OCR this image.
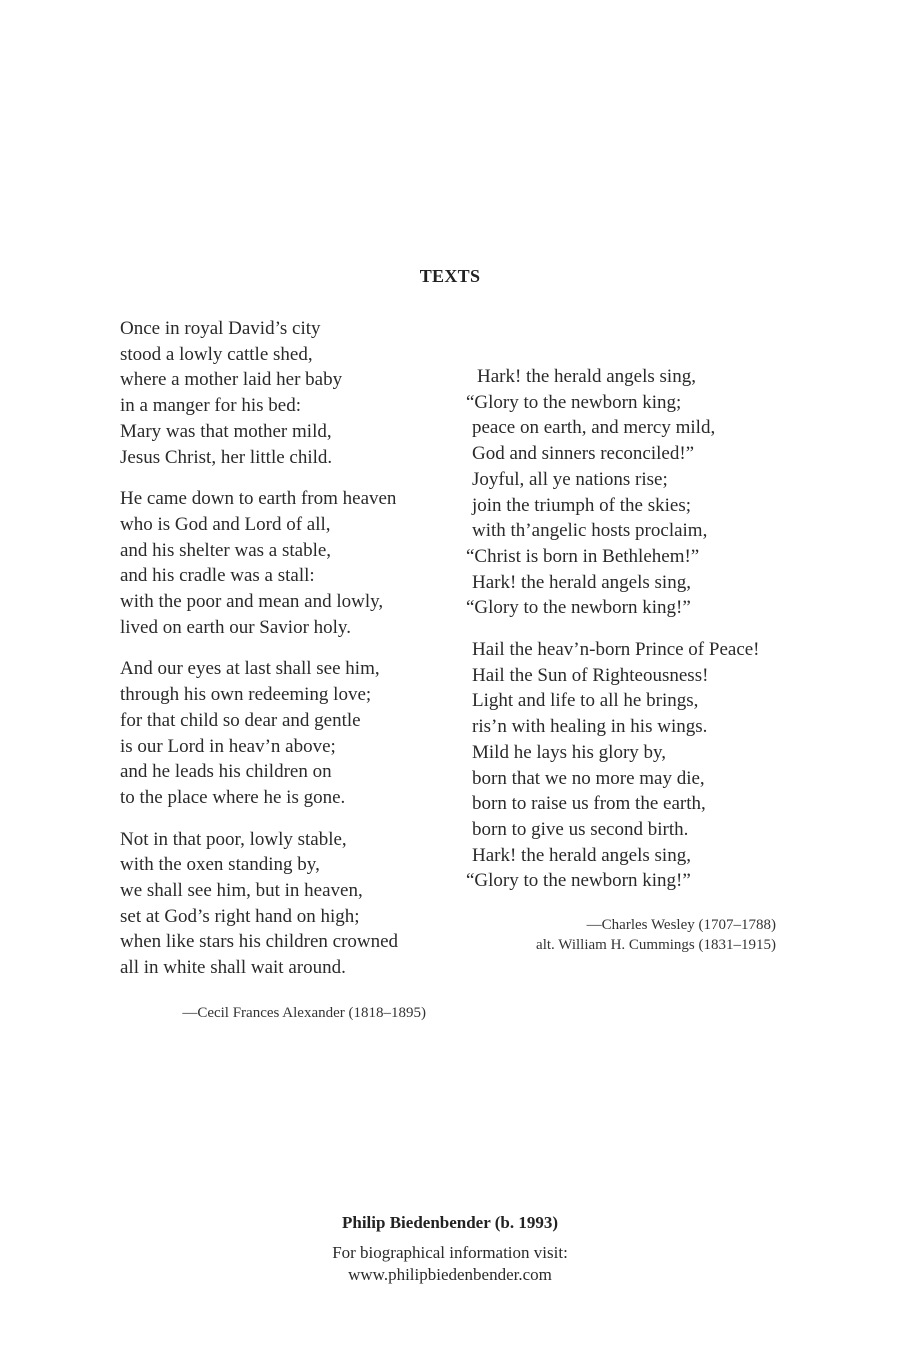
TEXTS
Once in royal David’s city
stood a lowly cattle shed,
where a mother laid her baby
in a manger for his bed:
Mary was that mother mild,
Jesus Christ, her little child.
He came down to earth from heaven
who is God and Lord of all,
and his shelter was a stable,
and his cradle was a stall:
with the poor and mean and lowly,
lived on earth our Savior holy.
And our eyes at last shall see him,
through his own redeeming love;
for that child so dear and gentle
is our Lord in heav’n above;
and he leads his children on
to the place where he is gone.
Not in that poor, lowly stable,
with the oxen standing by,
we shall see him, but in heaven,
set at God’s right hand on high;
when like stars his children crowned
all in white shall wait around.
—Cecil Frances Alexander (1818–1895)
Hark! the herald angels sing,
“Glory to the newborn king;
peace on earth, and mercy mild,
God and sinners reconciled!”
Joyful, all ye nations rise;
join the triumph of the skies;
with th’angelic hosts proclaim,
“Christ is born in Bethlehem!”
Hark! the herald angels sing,
“Glory to the newborn king!”
Hail the heav’n-born Prince of Peace!
Hail the Sun of Righteousness!
Light and life to all he brings,
ris’n with healing in his wings.
Mild he lays his glory by,
born that we no more may die,
born to raise us from the earth,
born to give us second birth.
Hark! the herald angels sing,
“Glory to the newborn king!”
—Charles Wesley (1707–1788)
alt. William H. Cummings (1831–1915)
Philip Biedenbender (b. 1993)
For biographical information visit:
www.philipbiedenbender.com
